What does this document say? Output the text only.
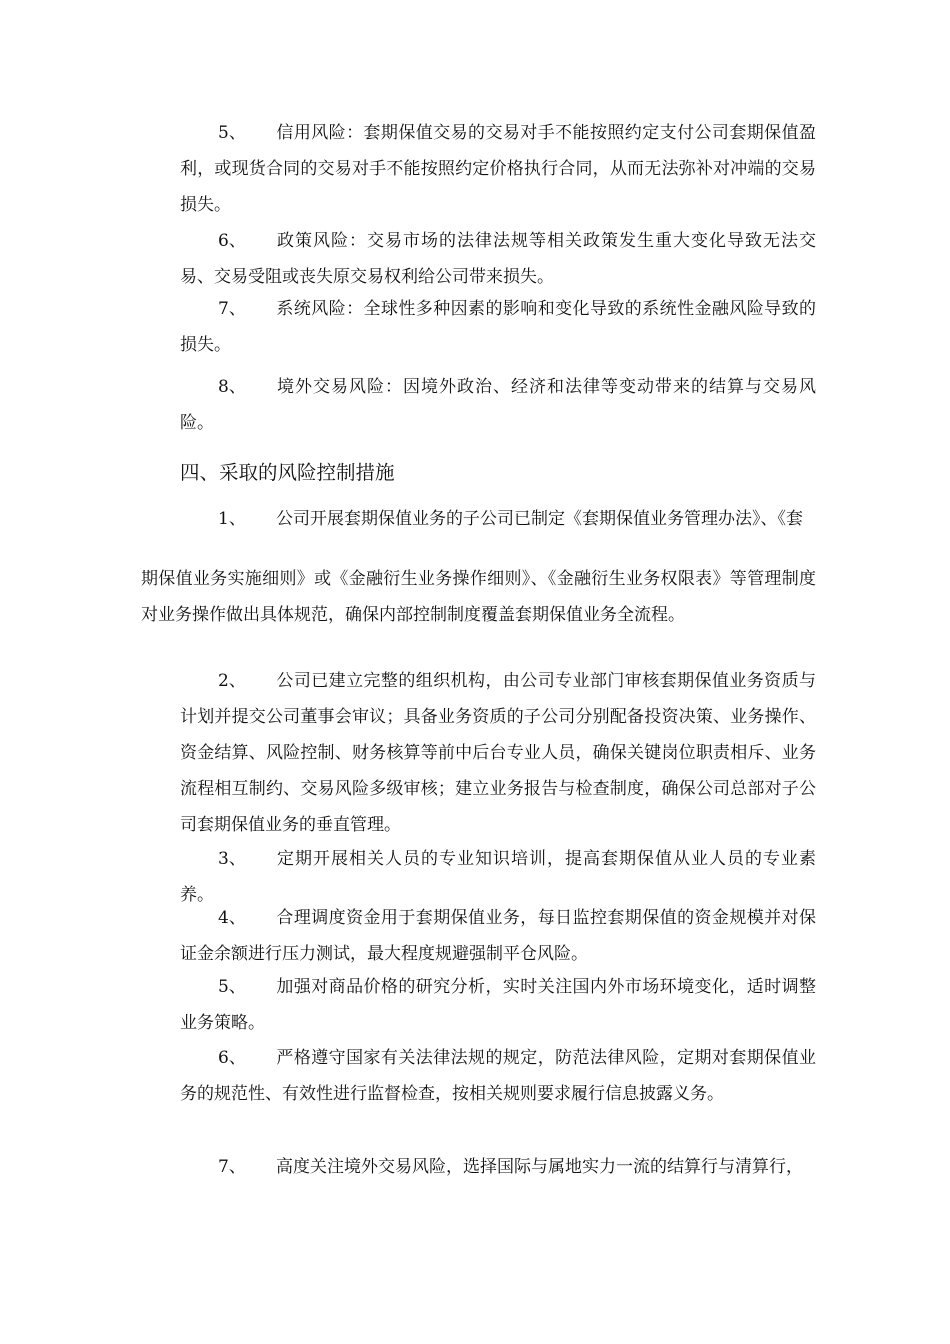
5、 信用风险：套期保值交易的交易对手不能按照约定支付公司套期保值盈利，或现货合同的交易对手不能按照约定价格执行合同，从而无法弥补对冲端的交易损失。
6、 政策风险：交易市场的法律法规等相关政策发生重大变化导致无法交易、交易受阻或丧失原交易权利给公司带来损失。
7、 系统风险：全球性多种因素的影响和变化导致的系统性金融风险导致的损失。
8、 境外交易风险：因境外政治、经济和法律等变动带来的结算与交易风险。
四、采取的风险控制措施
1、 公司开展套期保值业务的子公司已制定《套期保值业务管理办法》、《套
期保值业务实施细则》或《金融衍生业务操作细则》、《金融衍生业务权限表》等管理制度对业务操作做出具体规范，确保内部控制制度覆盖套期保值业务全流程。
2、 公司已建立完整的组织机构，由公司专业部门审核套期保值业务资质与计划并提交公司董事会审议；具备业务资质的子公司分别配备投资决策、业务操作、资金结算、风险控制、财务核算等前中后台专业人员，确保关键岗位职责相斥、业务流程相互制约、交易风险多级审核；建立业务报告与检查制度，确保公司总部对子公司套期保值业务的垂直管理。
3、 定期开展相关人员的专业知识培训，提高套期保值从业人员的专业素养。
4、 合理调度资金用于套期保值业务，每日监控套期保值的资金规模并对保证金余额进行压力测试，最大程度规避强制平仓风险。
5、 加强对商品价格的研究分析，实时关注国内外市场环境变化，适时调整业务策略。
6、 严格遵守国家有关法律法规的规定，防范法律风险，定期对套期保值业务的规范性、有效性进行监督检查，按相关规则要求履行信息披露义务。
7、 高度关注境外交易风险，选择国际与属地实力一流的结算行与清算行，
